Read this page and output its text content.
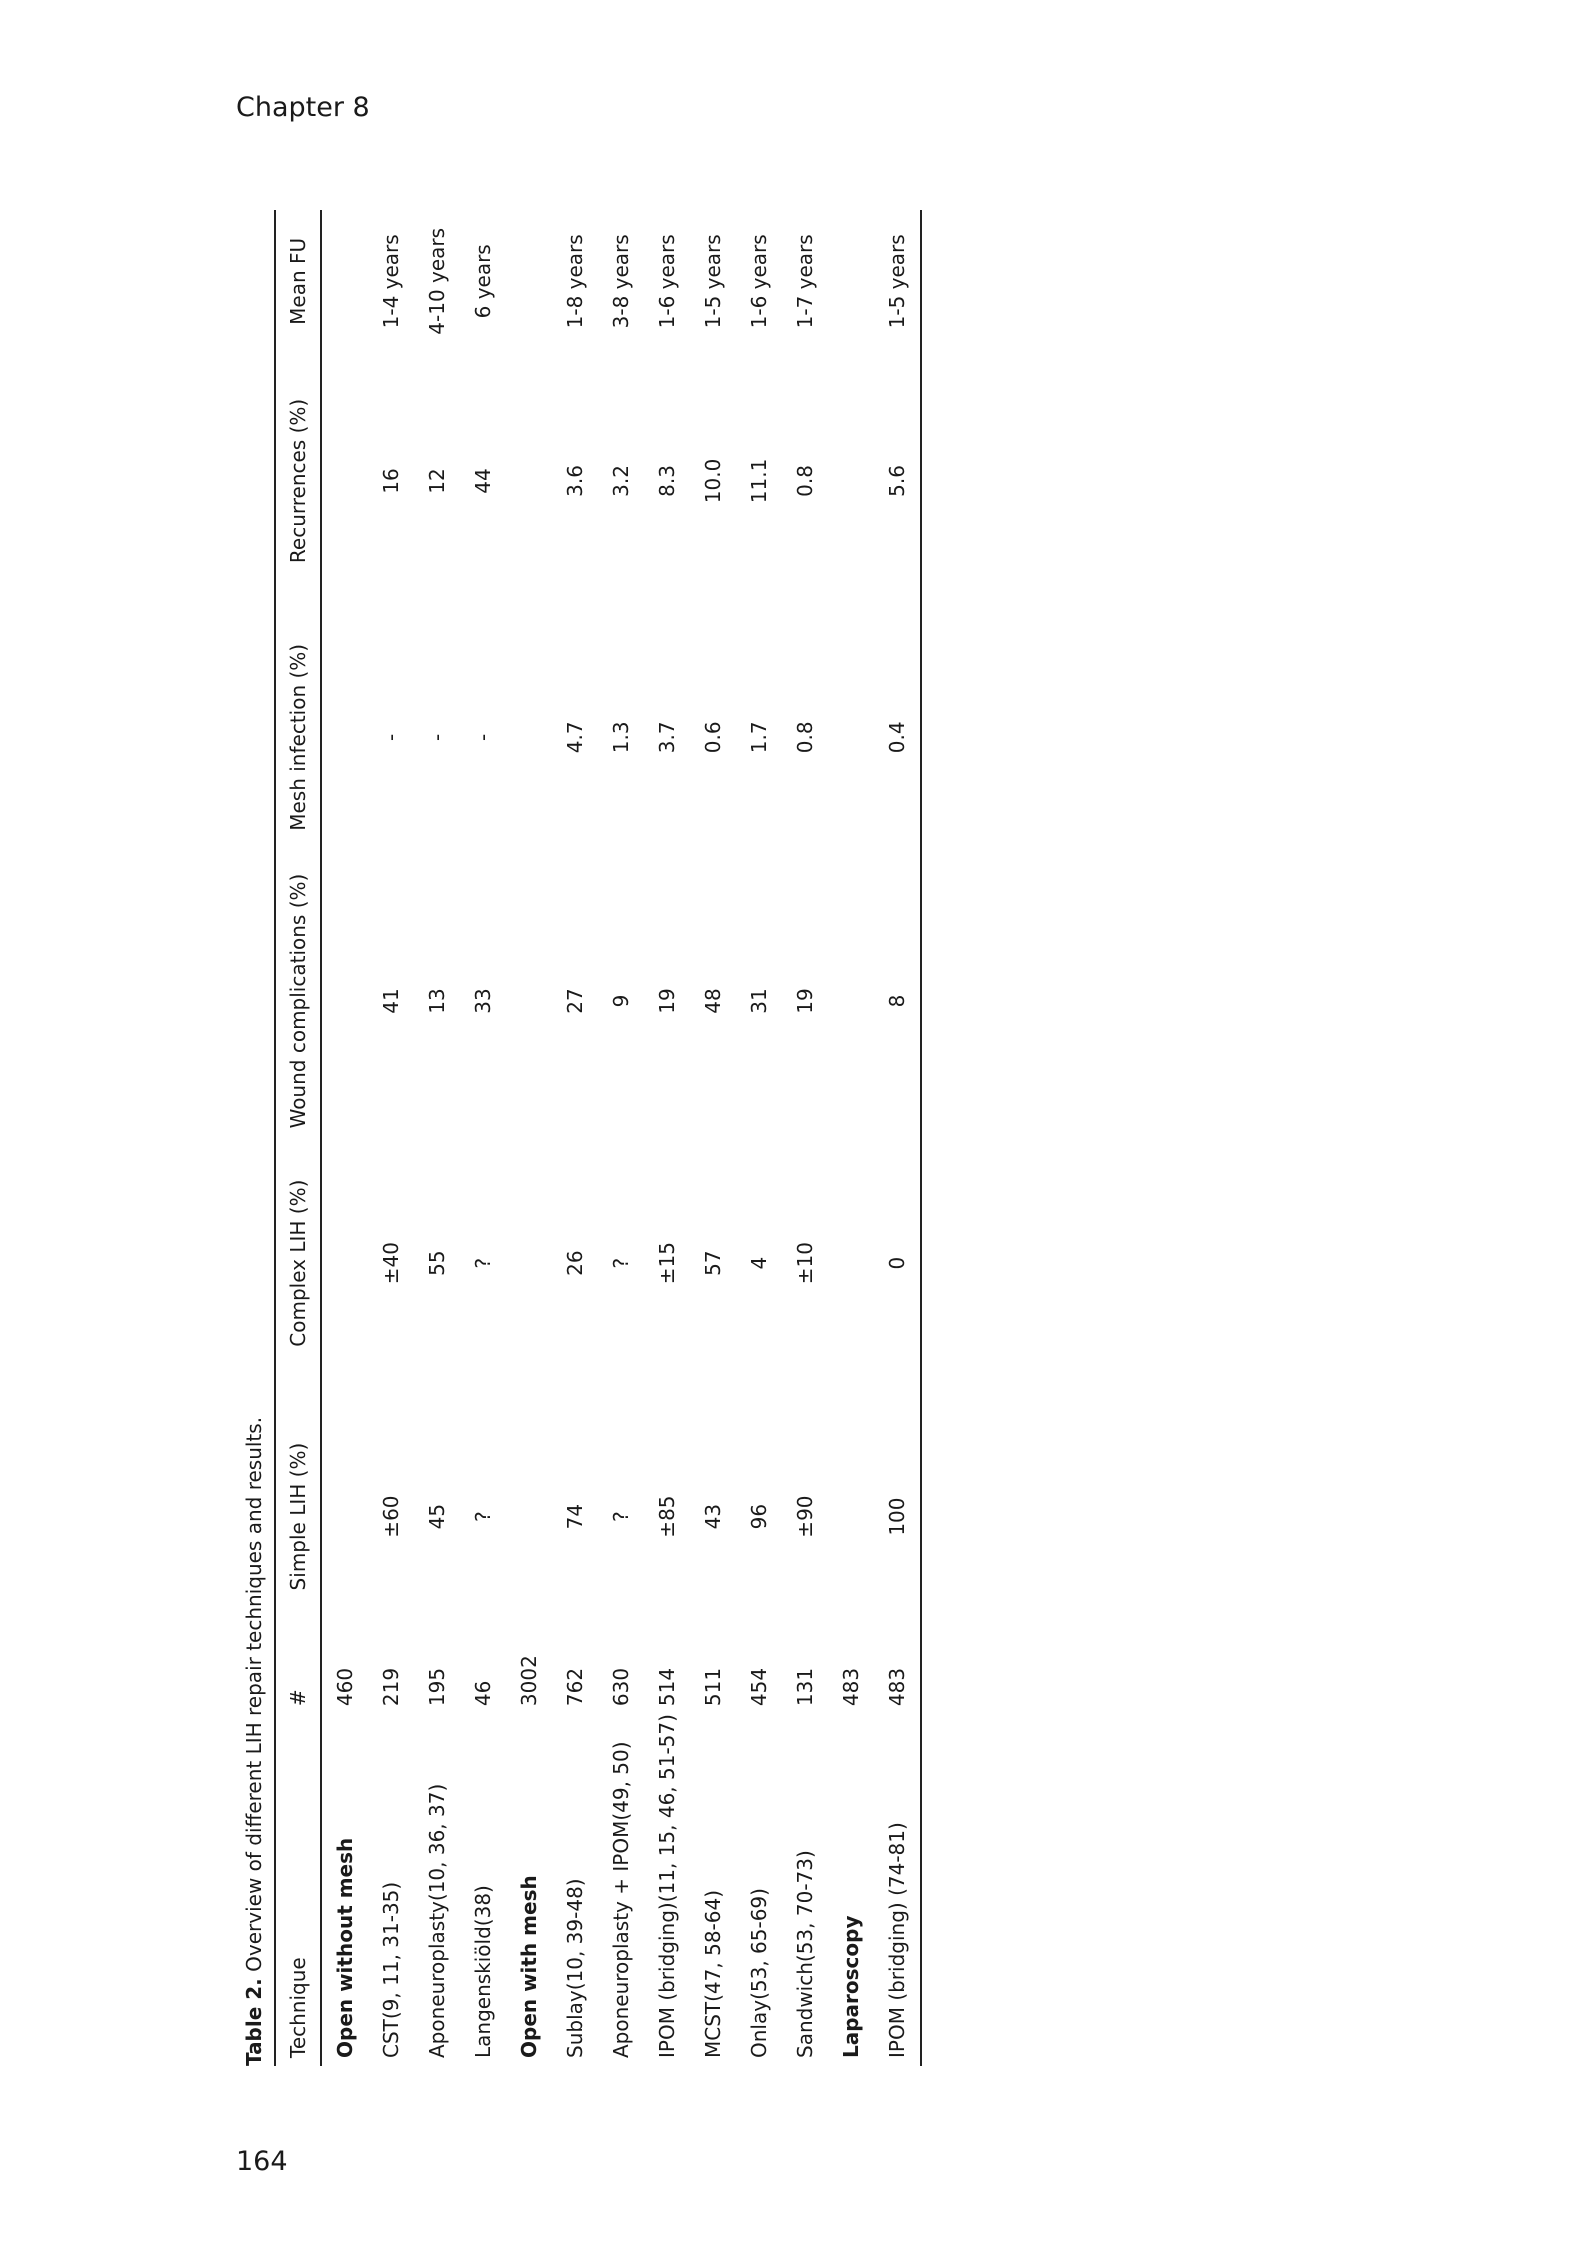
Chapter 8
Table 2. Overview of different LIH repair techniques and results.
Technique	#	Simple LIH (%)	Complex LIH (%)	Wound complications (%)	Mesh infection (%)	Recurrences (%)	Mean FU
Open without mesh	460						
CST(9, 11, 31-35)	219	±60	±40	41	-	16	1-4 years
Aponeuroplasty(10, 36, 37)	195	45	55	13	-	12	4-10 years
Langenskiöld(38)	46	?	?	33	-	44	6 years
Open with mesh	3002						
Sublay(10, 39-48)	762	74	26	27	4.7	3.6	1-8 years
Aponeuroplasty + IPOM(49, 50)	630	?	?	9	1.3	3.2	3-8 years
IPOM (bridging)(11, 15, 46, 51-57)	514	±85	±15	19	3.7	8.3	1-6 years
MCST(47, 58-64)	511	43	57	48	0.6	10.0	1-5 years
Onlay(53, 65-69)	454	96	4	31	1.7	11.1	1-6 years
Sandwich(53, 70-73)	131	±90	±10	19	0.8	0.8	1-7 years
Laparoscopy	483						
IPOM (bridging) (74-81)	483	100	0	8	0.4	5.6	1-5 years
164
